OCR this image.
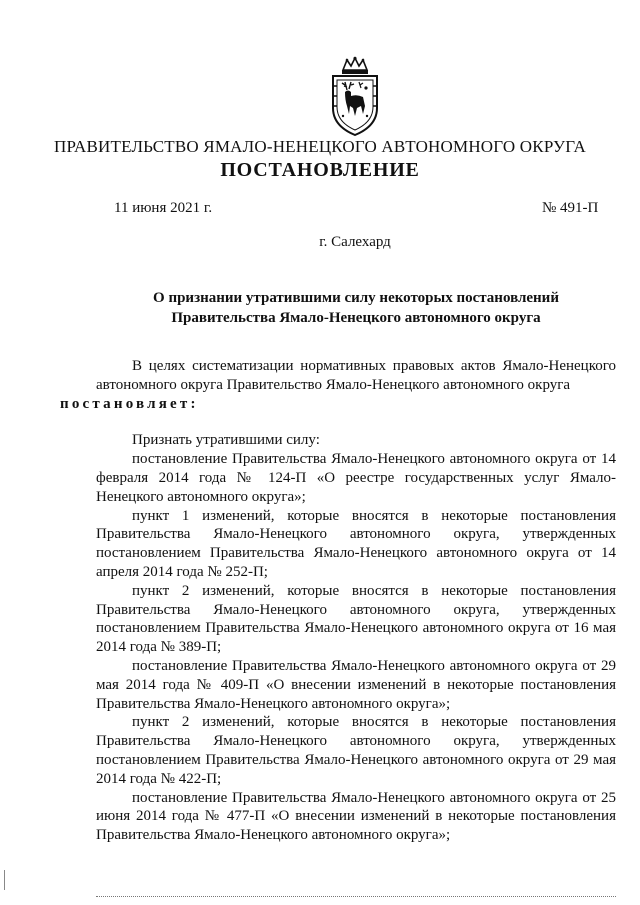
ПРАВИТЕЛЬСТВО ЯМАЛО-НЕНЕЦКОГО АВТОНОМНОГО ОКРУГА
ПОСТАНОВЛЕНИЕ
11 июня 2021 г.	№ 491-П
г. Салехард
О признании утратившими силу некоторых постановлений
Правительства Ямало-Ненецкого автономного округа

В целях систематизации нормативных правовых актов Ямало-Ненецкого автономного округа Правительство Ямало-Ненецкого автономного округа
постановляет:

Признать утратившими силу:

постановление Правительства Ямало-Ненецкого автономного округа от 14 февраля 2014 года № 124-П «О реестре государственных услуг Ямало-Ненецкого автономного округа»;

пункт 1 изменений, которые вносятся в некоторые постановления Правительства Ямало-Ненецкого автономного округа, утвержденных постановлением Правительства Ямало-Ненецкого автономного округа от 14 апреля 2014 года № 252-П;

пункт 2 изменений, которые вносятся в некоторые постановления Правительства Ямало-Ненецкого автономного округа, утвержденных постановлением Правительства Ямало-Ненецкого автономного округа от 16 мая 2014 года № 389-П;

постановление Правительства Ямало-Ненецкого автономного округа от 29 мая 2014 года № 409-П «О внесении изменений в некоторые постановления Правительства Ямало-Ненецкого автономного округа»;

пункт 2 изменений, которые вносятся в некоторые постановления Правительства Ямало-Ненецкого автономного округа, утвержденных постановлением Правительства Ямало-Ненецкого автономного округа от 29 мая 2014 года № 422-П;

постановление Правительства Ямало-Ненецкого автономного округа от 25 июня 2014 года № 477-П «О внесении изменений в некоторые постановления Правительства Ямало-Ненецкого автономного округа»;
